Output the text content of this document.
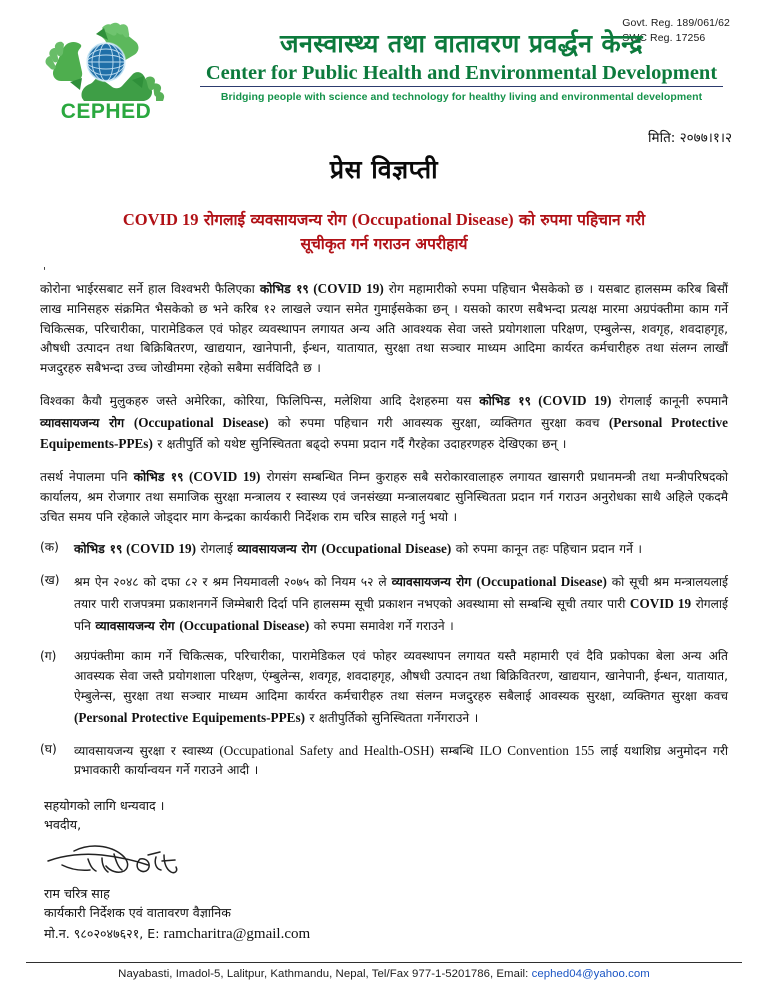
Govt. Reg. 189/061/62
SWC Reg. 17256
CEPHED
जनस्वास्थ्य तथा वातावरण प्रवर्द्धन केन्द्र
Center for Public Health and Environmental Development
Bridging people with science and technology for healthy living and environmental development
मिति: २०७७।१।२
प्रेस विज्ञप्ती
COVID 19 रोगलाई व्यवसायजन्य रोग (Occupational Disease) को रुपमा पहिचान गरी
सूचीकृत गर्न गराउन अपरीहार्य
'

कोरोना भाईरसबाट सर्ने हाल विश्वभरी फैलिएका कोभिड १९ (COVID 19) रोग महामारीको रुपमा पहिचान भैसकेको छ । यसबाट हालसम्म करिब बिसौं लाख मानिसहरु संक्रमित भैसकेको छ भने करिब १२ लाखले ज्यान समेत गुमाईसकेका छन् । यसको कारण सबैभन्दा प्रत्यक्ष मारमा अग्रपंक्तीमा काम गर्ने चिकित्सक, परिचारीका, पारामेडिकल एवं फोहर व्यवस्थापन लगायत अन्य अति आवश्यक सेवा जस्ते प्रयोगशाला परिक्षण, एम्बुलेन्स, शवगृह, शवदाहगृह, औषधी उत्पादन तथा बिक्रिबितरण, खाद्ययान, खानेपानी, ईन्धन, यातायात, सुरक्षा तथा सञ्चार माध्यम आदिमा कार्यरत कर्मचारीहरु तथा संलग्न लाखौं मजदुरहरु सबैभन्दा उच्च जोखीममा रहेको सबैमा सर्वविदितै छ ।

विश्वका कैयौ मुलुकहरु जस्ते अमेरिका, कोरिया, फिलिपिन्स, मलेशिया आदि देशहरुमा यस कोभिड १९ (COVID 19) रोगलाई कानूनी रुपमानै व्यावसायजन्य रोग (Occupational Disease) को रुपमा पहिचान गरी आवस्यक सुरक्षा, व्यक्तिगत सुरक्षा कवच (Personal Protective Equipements-PPEs) र क्षतीपुर्ति को यथेष्ट सुनिस्चितता बढ्दो रुपमा प्रदान गर्दै गैरहेका उदाहरणहरु देखिएका छन् ।

तसर्थ नेपालमा पनि कोभिड १९ (COVID 19) रोगसंग सम्बन्धित निम्न कुराहरु सबै सरोकारवालाहरु लगायत खासगरी प्रधानमन्त्री तथा मन्त्रीपरिषदको कार्यालय, श्रम रोजगार तथा समाजिक सुरक्षा मन्त्रालय र स्वास्थ्य एवं जनसंख्या मन्त्रालयबाट सुनिस्चितता प्रदान गर्न गराउन अनुरोधका साथै अहिले एकदमै उचित समय पनि रहेकाले जोड्दार माग केन्द्रका कार्यकारी निर्देशक राम चरित्र साहले गर्नु भयो ।

(क)	कोभिड १९ (COVID 19) रोगलाई व्यावसायजन्य रोग (Occupational Disease) को रुपमा कानून तहः पहिचान प्रदान गर्ने ।
(ख)	श्रम ऐन २०४८ को दफा ८२ र श्रम नियमावली २०७५ को नियम ५२ ले व्यावसायजन्य रोग (Occupational Disease) को सूची श्रम मन्त्रालयलाई तयार पारी राजपत्रमा प्रकाशनगर्ने जिम्मेबारी दिर्दा पनि हालसम्म सूची प्रकाशन नभएको अवस्थामा सो सम्बन्धि सूची तयार पारी COVID 19 रोगलाई पनि व्यावसायजन्य रोग (Occupational Disease) को रुपमा समावेश गर्ने गराउने ।
(ग)	अग्रपंक्तीमा काम गर्ने चिकित्सक, परिचारीका, पारामेडिकल एवं फोहर व्यवस्थापन लगायत यस्तै महामारी एवं दैवि प्रकोपका बेला अन्य अति आवस्यक सेवा जस्तै प्रयोगशाला परिक्षण, एंम्बुलेन्स, शवगृह, शवदाहगृह, औषधी उत्पादन तथा बिक्रिवितरण, खाद्ययान, खानेपानी, ईन्धन, यातायात, ऐम्बुलेन्स, सुरक्षा तथा सञ्चार माध्यम आदिमा कार्यरत कर्मचारीहरु तथा संलग्न मजदुरहरु सबैलाई आवस्यक सुरक्षा, व्यक्तिगत सुरक्षा कवच (Personal Protective Equipements-PPEs) र क्षतीपुर्तिको सुनिस्चितता गर्नेगराउने ।
(घ)	व्यावसायजन्य सुरक्षा र स्वास्थ्य (Occupational Safety and Health-OSH) सम्बन्धि ILO Convention 155 लाई यथाशिघ्र अनुमोदन गरी प्रभावकारी कार्यान्वयन गर्ने गराउने आदी ।
सहयोगको लागि धन्यवाद ।
भवदीय,
राम चरित्र साह
कार्यकारी निर्देशक एवं वातावरण वैज्ञानिक
मो.न. ९८०२०४७६२१, E: ramcharitra@gmail.com
Nayabasti, Imadol-5, Lalitpur, Kathmandu, Nepal, Tel/Fax 977-1-5201786, Email: cephed04@yahoo.com
